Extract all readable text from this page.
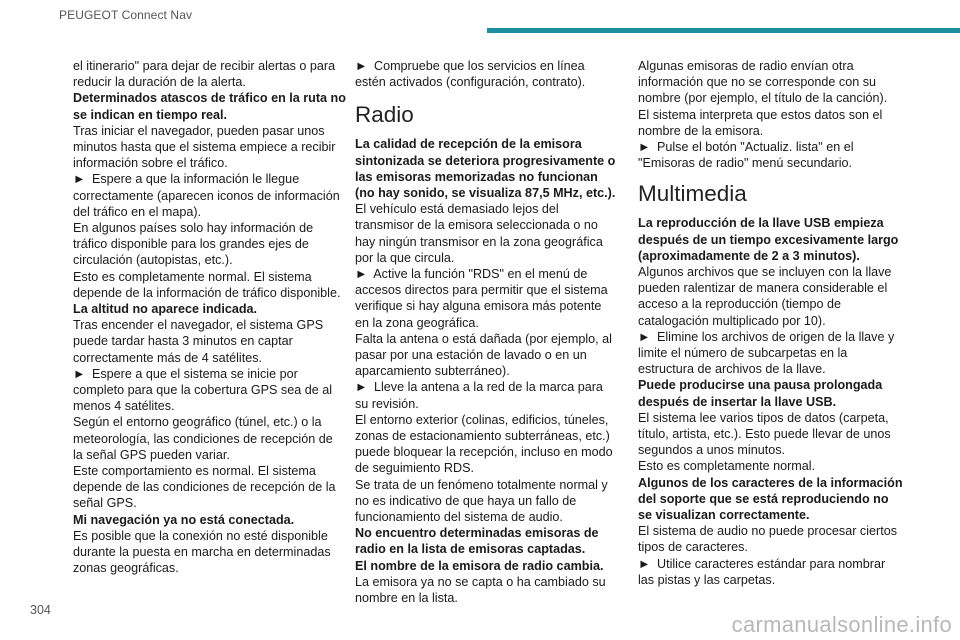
PEUGEOT Connect Nav

el itinerario" para dejar de recibir alertas o para reducir la duración de la alerta.

Determinados atascos de tráfico en la ruta no se indican en tiempo real.

Tras iniciar el navegador, pueden pasar unos minutos hasta que el sistema empiece a recibir información sobre el tráfico.

► Espere a que la información le llegue correctamente (aparecen iconos de información del tráfico en el mapa).

En algunos países solo hay información de tráfico disponible para los grandes ejes de circulación (autopistas, etc.).

Esto es completamente normal. El sistema depende de la información de tráfico disponible.

La altitud no aparece indicada.

Tras encender el navegador, el sistema GPS puede tardar hasta 3 minutos en captar correctamente más de 4 satélites.

► Espere a que el sistema se inicie por completo para que la cobertura GPS sea de al menos 4 satélites.

Según el entorno geográfico (túnel, etc.) o la meteorología, las condiciones de recepción de la señal GPS pueden variar.

Este comportamiento es normal. El sistema depende de las condiciones de recepción de la señal GPS.

Mi navegación ya no está conectada.

Es posible que la conexión no esté disponible durante la puesta en marcha en determinadas zonas geográficas.

► Compruebe que los servicios en línea estén activados (configuración, contrato).

Radio

La calidad de recepción de la emisora sintonizada se deteriora progresivamente o las emisoras memorizadas no funcionan (no hay sonido, se visualiza 87,5 MHz, etc.).

El vehículo está demasiado lejos del transmisor de la emisora seleccionada o no hay ningún transmisor en la zona geográfica por la que circula.

► Active la función "RDS" en el menú de accesos directos para permitir que el sistema verifique si hay alguna emisora más potente en la zona geográfica.

Falta la antena o está dañada (por ejemplo, al pasar por una estación de lavado o en un aparcamiento subterráneo).

► Lleve la antena a la red de la marca para su revisión.

El entorno exterior (colinas, edificios, túneles, zonas de estacionamiento subterráneas, etc.) puede bloquear la recepción, incluso en modo de seguimiento RDS.

Se trata de un fenómeno totalmente normal y no es indicativo de que haya un fallo de funcionamiento del sistema de audio.

No encuentro determinadas emisoras de radio en la lista de emisoras captadas.

El nombre de la emisora de radio cambia.

La emisora ya no se capta o ha cambiado su nombre en la lista.

Algunas emisoras de radio envían otra información que no se corresponde con su nombre (por ejemplo, el título de la canción).

El sistema interpreta que estos datos son el nombre de la emisora.

► Pulse el botón "Actualiz. lista" en el "Emisoras de radio" menú secundario.

Multimedia

La reproducción de la llave USB empieza después de un tiempo excesivamente largo (aproximadamente de 2 a 3 minutos).

Algunos archivos que se incluyen con la llave pueden ralentizar de manera considerable el acceso a la reproducción (tiempo de catalogación multiplicado por 10).

► Elimine los archivos de origen de la llave y limite el número de subcarpetas en la estructura de archivos de la llave.

Puede producirse una pausa prolongada después de insertar la llave USB.

El sistema lee varios tipos de datos (carpeta, título, artista, etc.). Esto puede llevar de unos segundos a unos minutos.

Esto es completamente normal.

Algunos de los caracteres de la información del soporte que se está reproduciendo no se visualizan correctamente.

El sistema de audio no puede procesar ciertos tipos de caracteres.

► Utilice caracteres estándar para nombrar las pistas y las carpetas.

304
carmanualsonline.info
